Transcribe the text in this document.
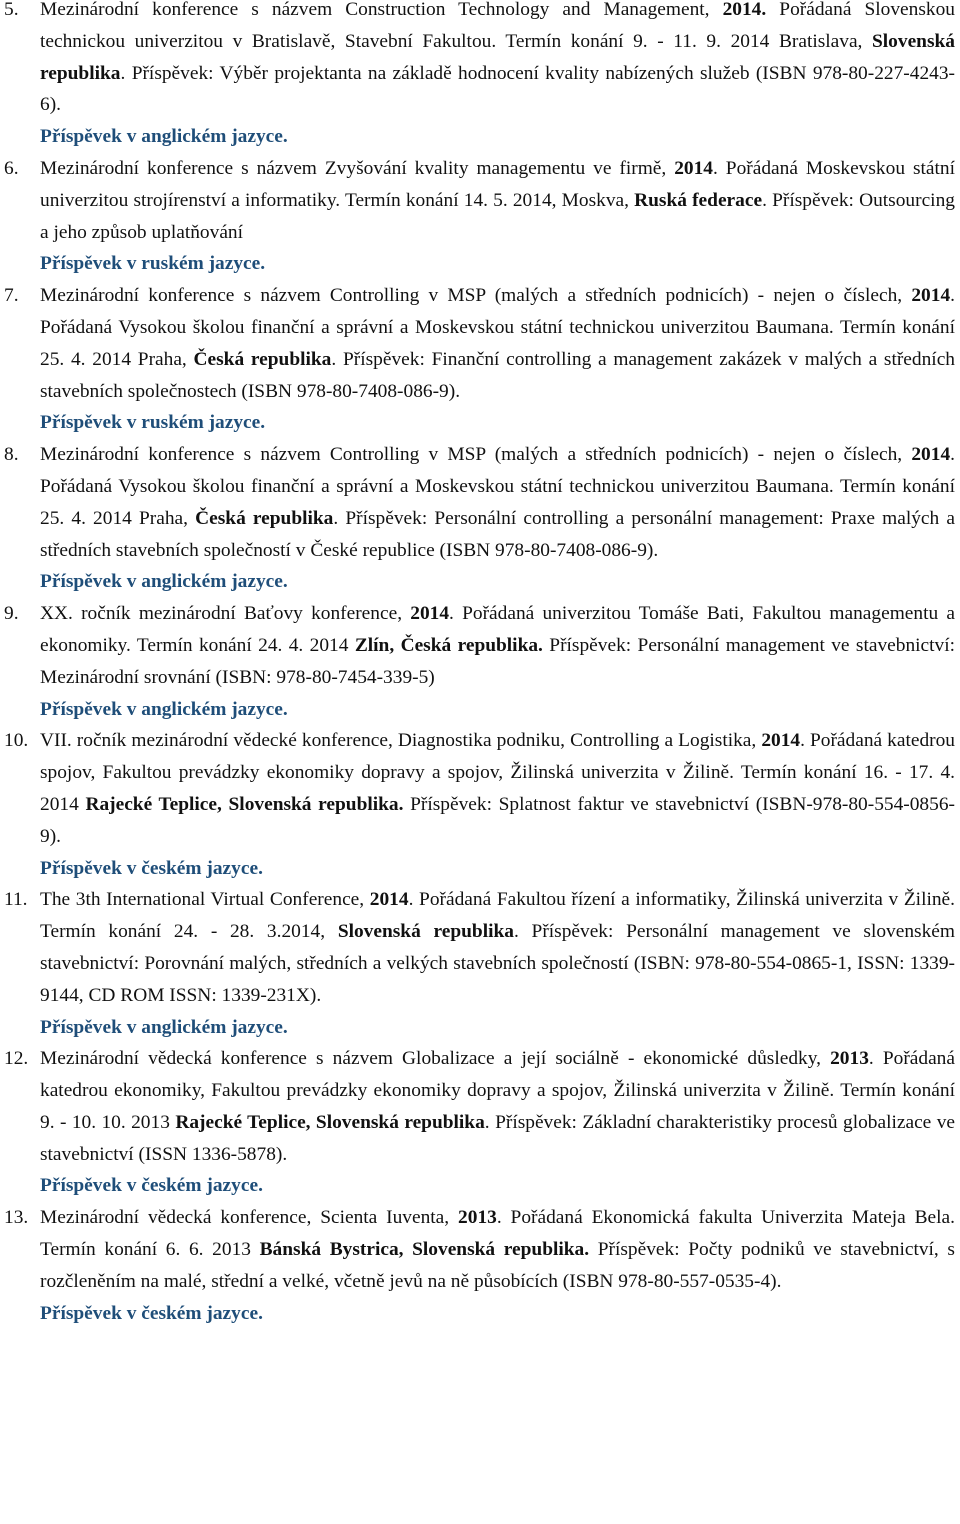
5. Mezinárodní konference s názvem Construction Technology and Management, 2014. Pořádaná Slovenskou technickou univerzitou v Bratislavě, Stavební Fakultou. Termín konání 9. - 11. 9. 2014 Bratislava, Slovenská republika. Příspěvek: Výběr projektanta na základě hodnocení kvality nabízených služeb (ISBN 978-80-227-4243-6).
Příspěvek v anglickém jazyce.
6. Mezinárodní konference s názvem Zvyšování kvality managementu ve firmě, 2014. Pořádaná Moskevskou státní univerzitou strojírenství a informatiky. Termín konání 14. 5. 2014, Moskva, Ruská federace. Příspěvek: Outsourcing a jeho způsob uplatňování
Příspěvek v ruském jazyce.
7. Mezinárodní konference s názvem Controlling v MSP (malých a středních podnicích) - nejen o číslech, 2014. Pořádaná Vysokou školou finanční a správní a Moskevskou státní technickou univerzitou Baumana. Termín konání 25. 4. 2014 Praha, Česká republika. Příspěvek: Finanční controlling a management zakázek v malých a středních stavebních společnostech (ISBN 978-80-7408-086-9).
Příspěvek v ruském jazyce.
8. Mezinárodní konference s názvem Controlling v MSP (malých a středních podnicích) - nejen o číslech, 2014. Pořádaná Vysokou školou finanční a správní a Moskevskou státní technickou univerzitou Baumana. Termín konání 25. 4. 2014 Praha, Česká republika. Příspěvek: Personální controlling a personální management: Praxe malých a středních stavebních společností v České republice (ISBN 978-80-7408-086-9).
Příspěvek v anglickém jazyce.
9. XX. ročník mezinárodní Baťovy konference, 2014. Pořádaná univerzitou Tomáše Bati, Fakultou managementu a ekonomiky. Termín konání 24. 4. 2014 Zlín, Česká republika. Příspěvek: Personální management ve stavebnictví: Mezinárodní srovnání (ISBN: 978-80-7454-339-5)
Příspěvek v anglickém jazyce.
10. VII. ročník mezinárodní vědecké konference, Diagnostika podniku, Controlling a Logistika, 2014. Pořádaná katedrou spojov, Fakultou prevádzky ekonomiky dopravy a spojov, Žilinská univerzita v Žilině. Termín konání 16. - 17. 4. 2014 Rajecké Teplice, Slovenská republika. Příspěvek: Splatnost faktur ve stavebnictví (ISBN-978-80-554-0856-9).
Příspěvek v českém jazyce.
11. The 3th International Virtual Conference, 2014. Pořádaná Fakultou řízení a informatiky, Žilinská univerzita v Žilině. Termín konání 24. - 28. 3.2014, Slovenská republika. Příspěvek: Personální management ve slovenském stavebnictví: Porovnání malých, středních a velkých stavebních společností (ISBN: 978-80-554-0865-1, ISSN: 1339-9144, CD ROM ISSN: 1339-231X).
Příspěvek v anglickém jazyce.
12. Mezinárodní vědecká konference s názvem Globalizace a její sociálně - ekonomické důsledky, 2013. Pořádaná katedrou ekonomiky, Fakultou prevádzky ekonomiky dopravy a spojov, Žilinská univerzita v Žilině. Termín konání 9. - 10. 10. 2013 Rajecké Teplice, Slovenská republika. Příspěvek: Základní charakteristiky procesů globalizace ve stavebnictví (ISSN 1336-5878).
Příspěvek v českém jazyce.
13. Mezinárodní vědecká konference, Scienta Iuventa, 2013. Pořádaná Ekonomická fakulta Univerzita Mateja Bela. Termín konání 6. 6. 2013 Bánská Bystrica, Slovenská republika. Příspěvek: Počty podniků ve stavebnictví, s rozčleněním na malé, střední a velké, včetně jevů na ně působících (ISBN 978-80-557-0535-4).
Příspěvek v českém jazyce.
